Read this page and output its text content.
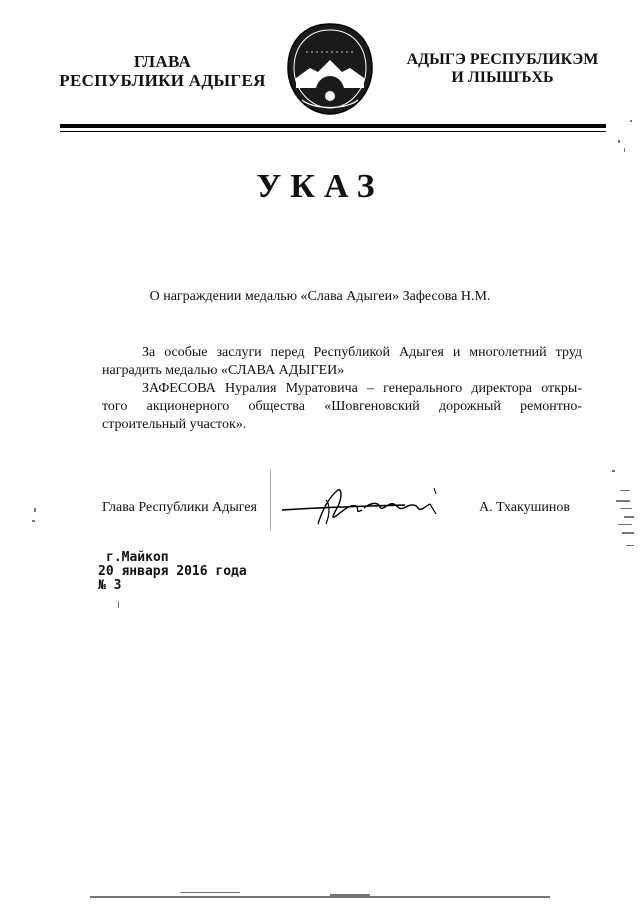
ГЛАВА
РЕСПУБЛИКИ АДЫГЕЯ
АДЫГЭ РЕСПУБЛИКЭМ
И ЛІЫШЪХЬ
УКАЗ
О награждении медалью «Слава Адыгеи» Зафесова Н.М.

За особые заслуги перед Республикой Адыгея и многолетний труд

наградить медалью «СЛАВА АДЫГЕИ»

ЗАФЕСОВА Нуралия Муратовича – генерального директора откры-

того акционерного общества «Шовгеновский дорожный ремонтно-

строительный участок».

Глава Республики Адыгея	А. Тхакушинов
г.Майкоп
20 января 2016 года
№ 3
